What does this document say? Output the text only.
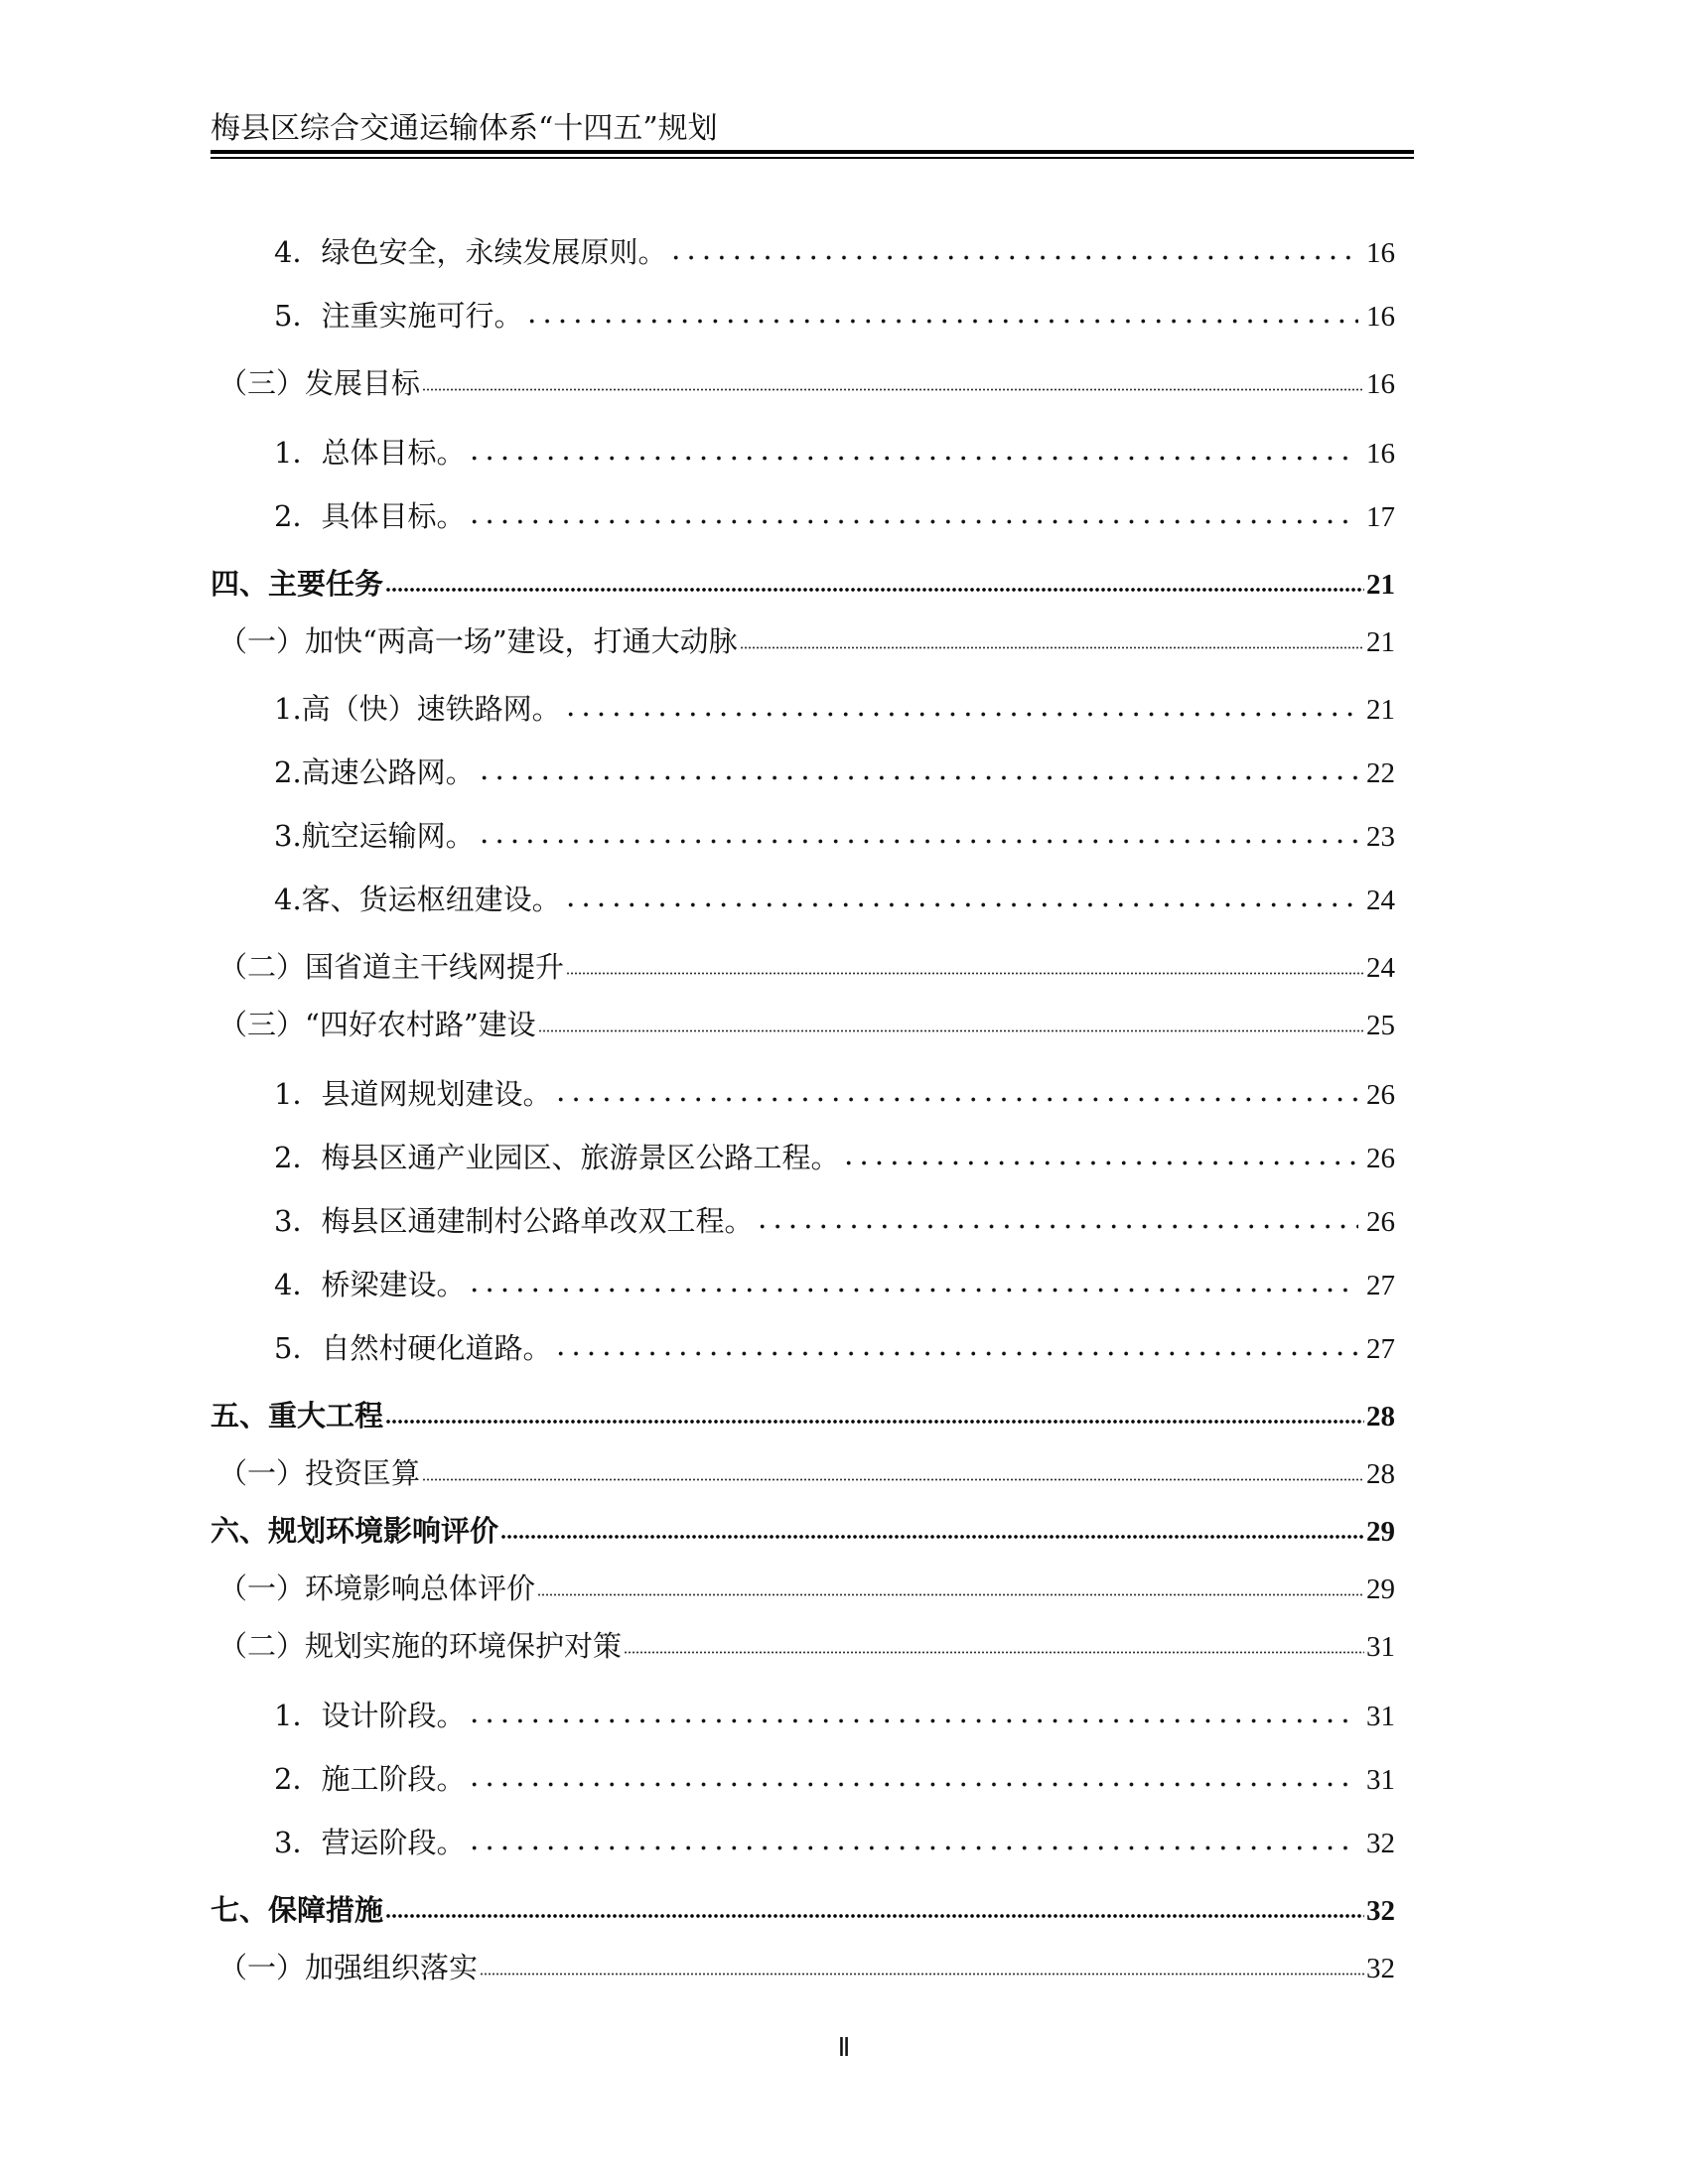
梅县区综合交通运输体系“十四五”规划
4．绿色安全，永续发展原则。	16
5．注重实施可行。	16
（三）发展目标	16
1．总体目标。	16
2．具体目标。	17
四、主要任务	21
（一）加快“两高一场”建设，打通大动脉	21
1.高（快）速铁路网。	21
2.高速公路网。	22
3.航空运输网。	23
4.客、货运枢纽建设。	24
（二）国省道主干线网提升	24
（三）“四好农村路”建设	25
1．县道网规划建设。	26
2．梅县区通产业园区、旅游景区公路工程。	26
3．梅县区通建制村公路单改双工程。	26
4．桥梁建设。	27
5．自然村硬化道路。	27
五、重大工程	28
（一）投资匡算	28
六、规划环境影响评价	29
（一）环境影响总体评价	29
（二）规划实施的环境保护对策	31
1．设计阶段。	31
2．施工阶段。	31
3．营运阶段。	32
七、保障措施	32
（一）加强组织落实	32
Ⅱ
